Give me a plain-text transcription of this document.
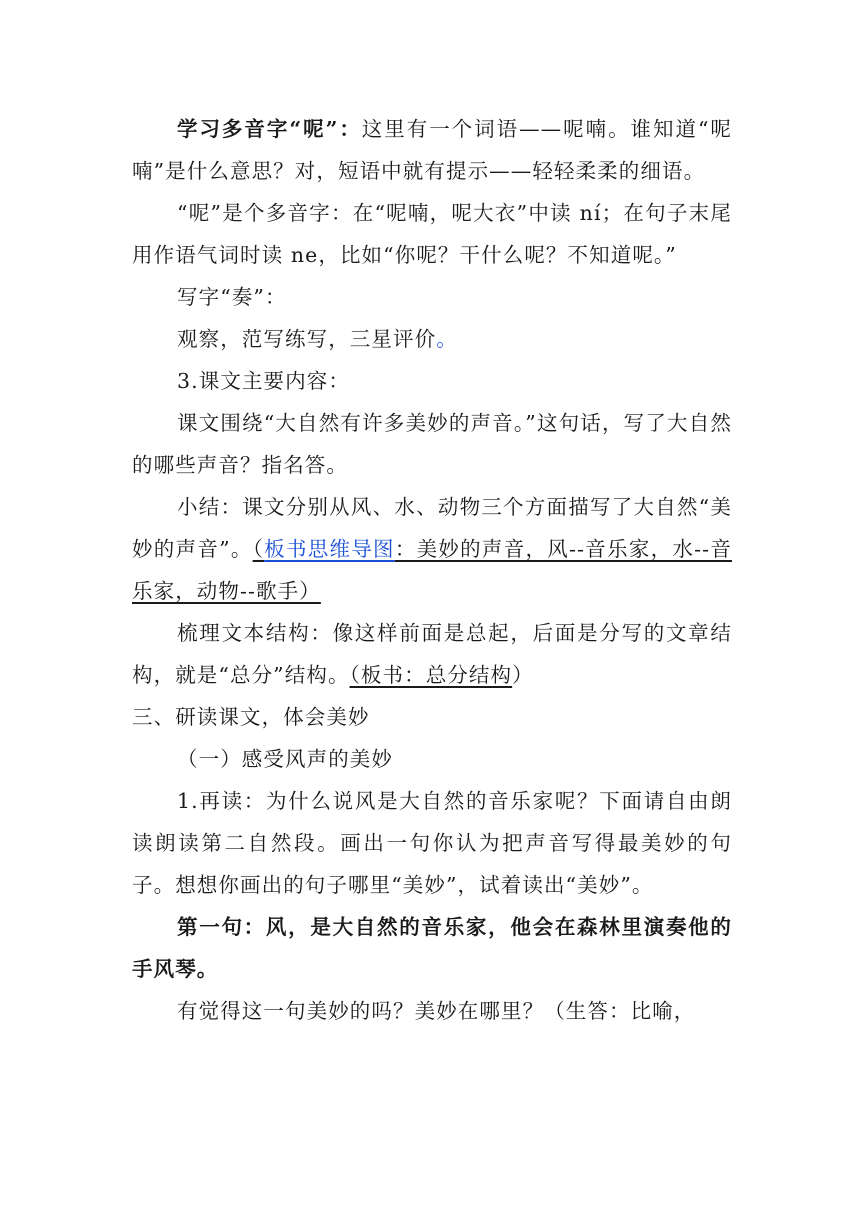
学习多音字“呢”：这里有一个词语——呢喃。谁知道“呢喃”是什么意思？对，短语中就有提示——轻轻柔柔的细语。

“呢”是个多音字：在“呢喃，呢大衣”中读 ní；在句子末尾用作语气词时读 ne，比如“你呢？干什么呢？不知道呢。”

写字“奏”：

观察，范写练写，三星评价。

3.课文主要内容：

课文围绕“大自然有许多美妙的声音。”这句话，写了大自然的哪些声音？指名答。

小结：课文分别从风、水、动物三个方面描写了大自然“美妙的声音”。（板书思维导图：美妙的声音，风--音乐家，水--音乐家，动物--歌手）

梳理文本结构：像这样前面是总起，后面是分写的文章结构，就是“总分”结构。（板书：总分结构）

三、研读课文，体会美妙

（一）感受风声的美妙

1.再读：为什么说风是大自然的音乐家呢？下面请自由朗读朗读第二自然段。画出一句你认为把声音写得最美妙的句子。想想你画出的句子哪里“美妙”，试着读出“美妙”。

第一句：风，是大自然的音乐家，他会在森林里演奏他的手风琴。

有觉得这一句美妙的吗？美妙在哪里？（生答：比喻，
